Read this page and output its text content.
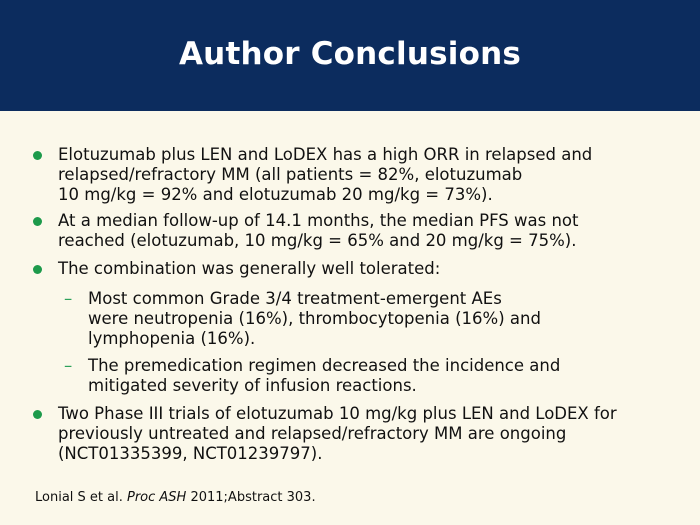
Author Conclusions
Elotuzumab plus LEN and LoDEX has a high ORR in relapsed and
relapsed/refractory MM (all patients = 82%, elotuzumab
10 mg/kg = 92% and elotuzumab 20 mg/kg = 73%).
At a median follow-up of 14.1 months, the median PFS was not
reached (elotuzumab, 10 mg/kg = 65% and 20 mg/kg = 75%).
The combination was generally well tolerated:
– Most common Grade 3/4 treatment-emergent AEs
were neutropenia (16%), thrombocytopenia (16%) and
lymphopenia (16%).
– The premedication regimen decreased the incidence and
mitigated severity of infusion reactions.
Two Phase III trials of elotuzumab 10 mg/kg plus LEN and LoDEX for
previously untreated and relapsed/refractory MM are ongoing
(NCT01335399, NCT01239797).
Lonial S et al. Proc ASH 2011;Abstract 303.
